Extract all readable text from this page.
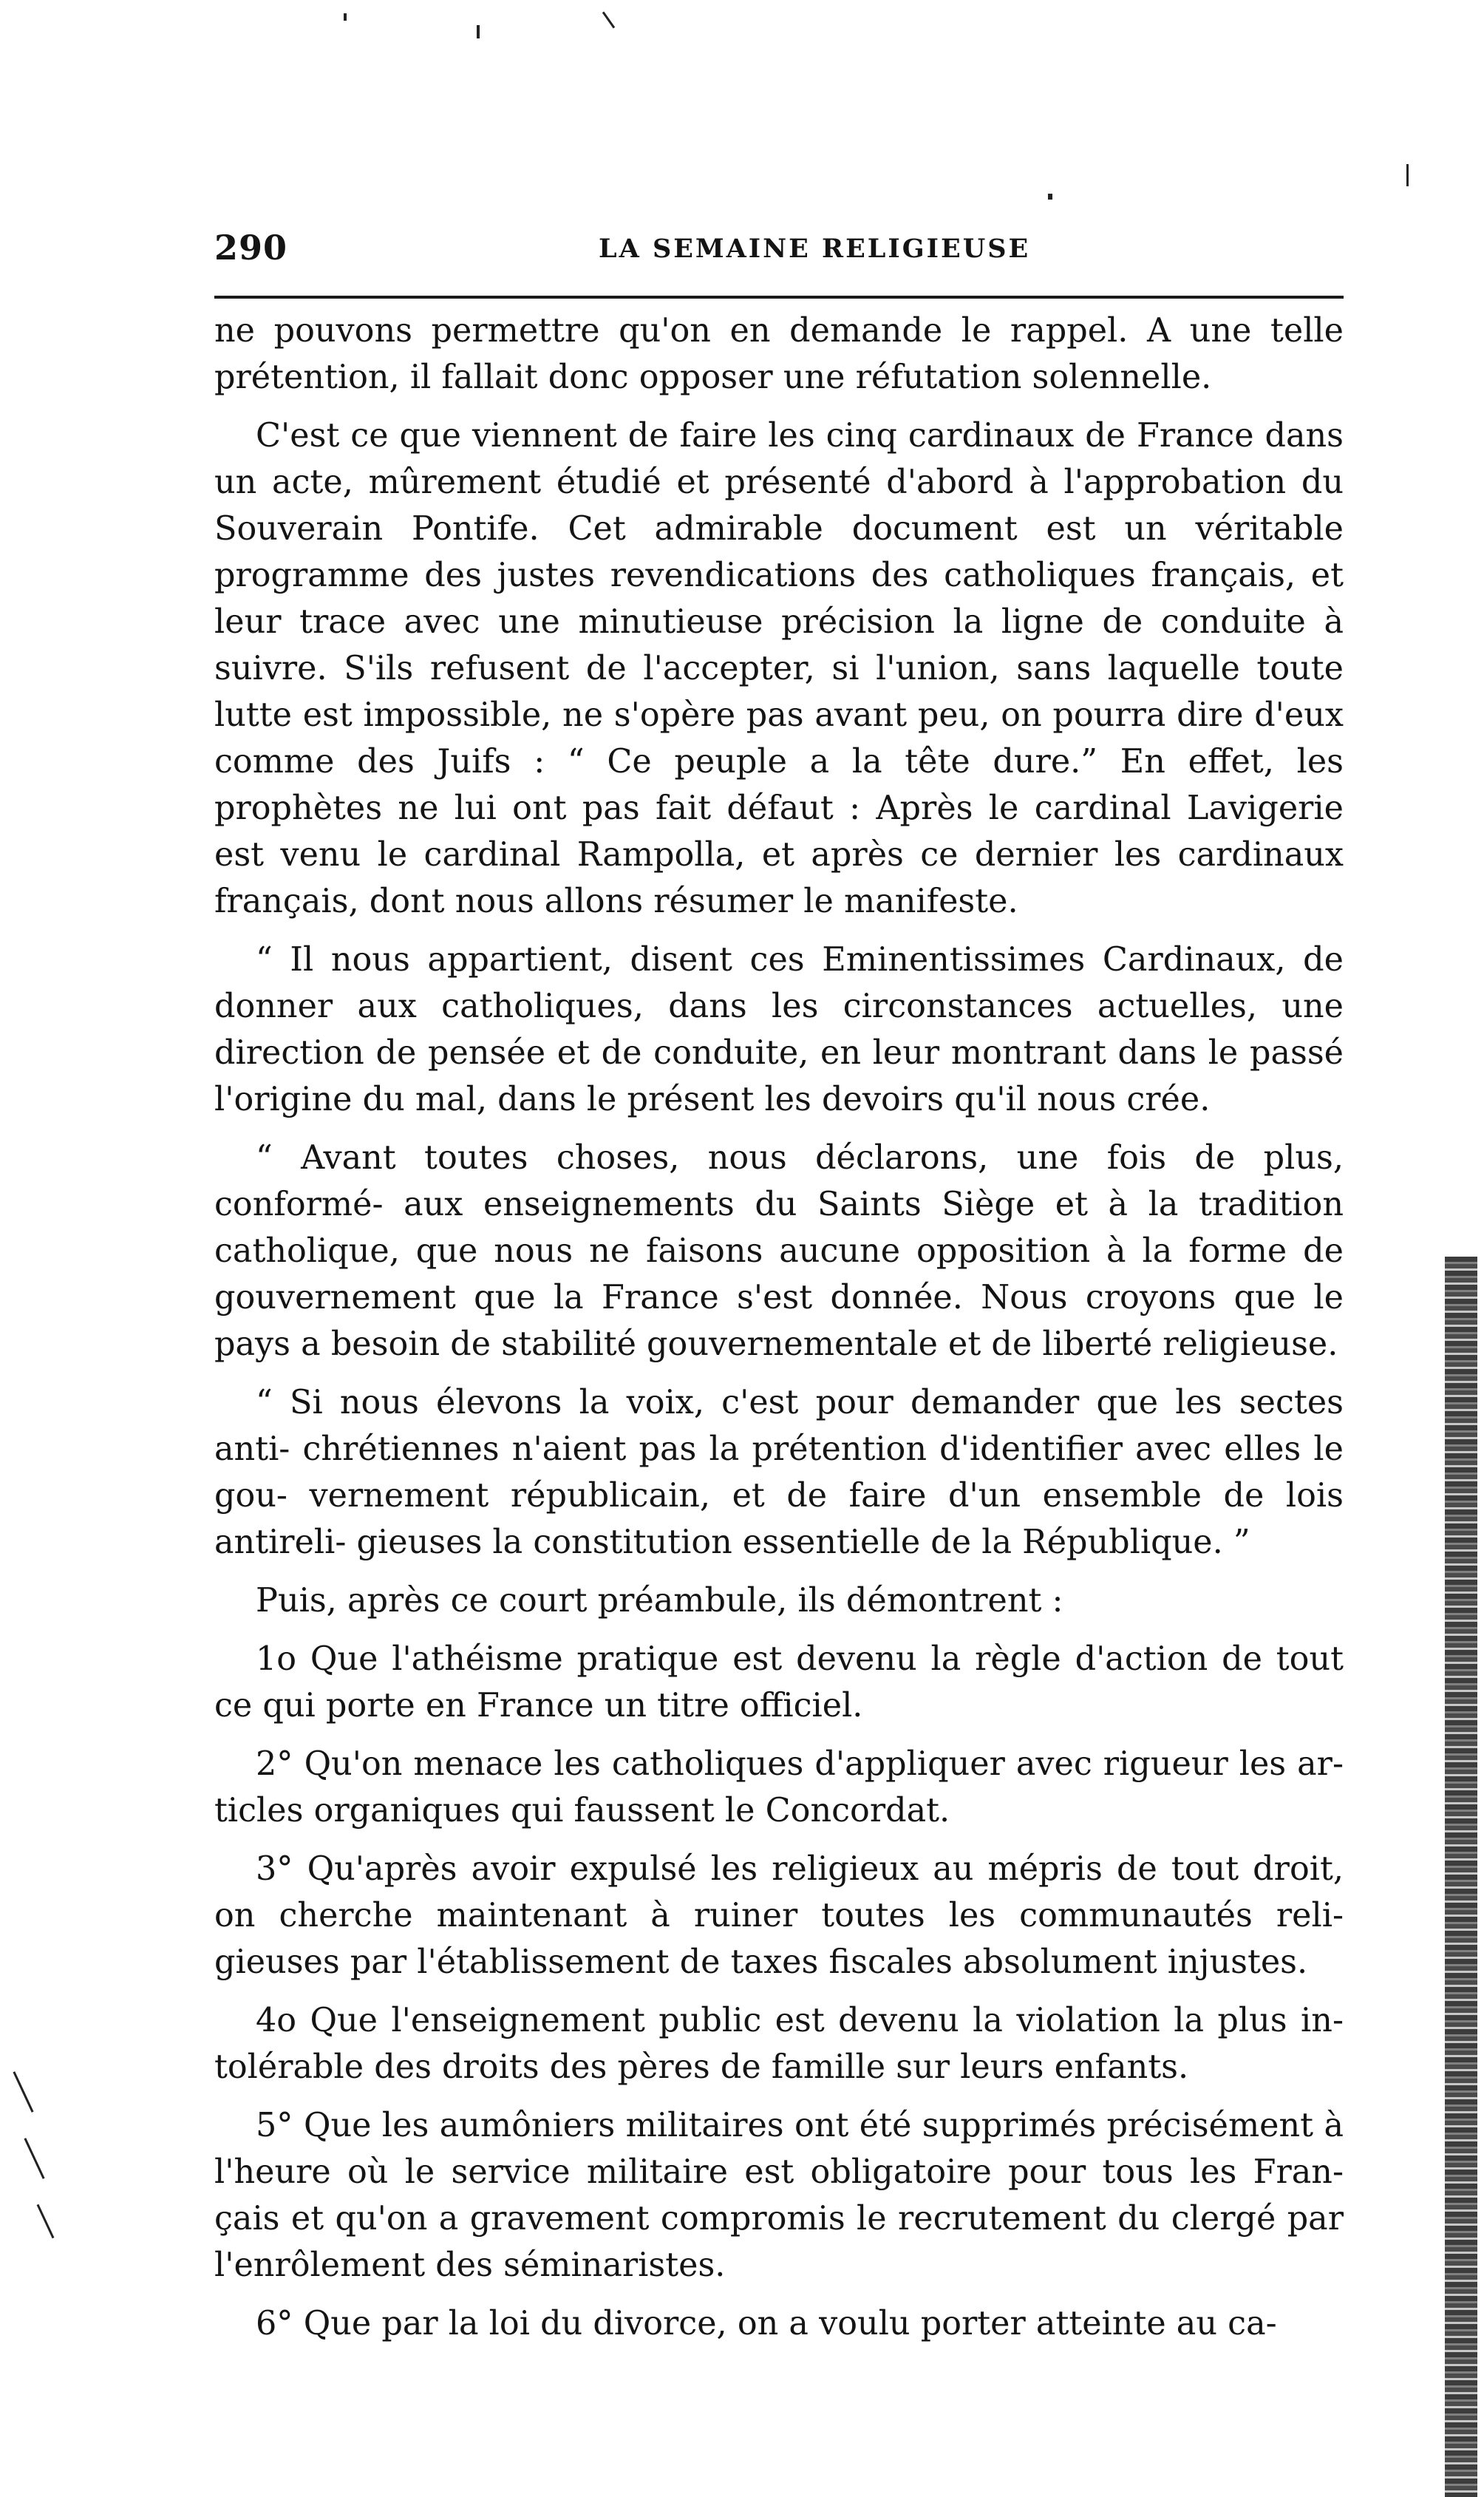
290	LA SEMAINE RELIGIEUSE

ne pouvons permettre qu'on en demande le rappel. A une telle prétention, il fallait donc opposer une réfutation solennelle.

C'est ce que viennent de faire les cinq cardinaux de France dans un acte, mûrement étudié et présenté d'abord à l'approbation du Souverain Pontife. Cet admirable document est un véritable programme des justes revendications des catholiques français, et leur trace avec une minutieuse précision la ligne de conduite à suivre. S'ils refusent de l'accepter, si l'union, sans laquelle toute lutte est impossible, ne s'opère pas avant peu, on pourra dire d'eux comme des Juifs : “ Ce peuple a la tête dure.” En effet, les prophètes ne lui ont pas fait défaut : Après le cardinal Lavigerie est venu le cardinal Rampolla, et après ce dernier les cardinaux français, dont nous allons résumer le manifeste.

“ Il nous appartient, disent ces Eminentissimes Cardinaux, de donner aux catholiques, dans les circonstances actuelles, une direction de pensée et de conduite, en leur montrant dans le passé l'origine du mal, dans le présent les devoirs qu'il nous crée.

“ Avant toutes choses, nous déclarons, une fois de plus, conformé- aux enseignements du Saints Siège et à la tradition catholique, que nous ne faisons aucune opposition à la forme de gouvernement que la France s'est donnée. Nous croyons que le pays a besoin de stabilité gouvernementale et de liberté religieuse.

“ Si nous élevons la voix, c'est pour demander que les sectes anti- chrétiennes n'aient pas la prétention d'identifier avec elles le gou- vernement républicain, et de faire d'un ensemble de lois antireli- gieuses la constitution essentielle de la République. ”

Puis, après ce court préambule, ils démontrent :

1o Que l'athéisme pratique est devenu la règle d'action de tout ce qui porte en France un titre officiel.

2° Qu'on menace les catholiques d'appliquer avec rigueur les ar- ticles organiques qui faussent le Concordat.

3° Qu'après avoir expulsé les religieux au mépris de tout droit, on cherche maintenant à ruiner toutes les communautés reli- gieuses par l'établissement de taxes fiscales absolument injustes.

4o Que l'enseignement public est devenu la violation la plus in- tolérable des droits des pères de famille sur leurs enfants.

5° Que les aumôniers militaires ont été supprimés précisément à l'heure où le service militaire est obligatoire pour tous les Fran- çais et qu'on a gravement compromis le recrutement du clergé par l'enrôlement des séminaristes.

6° Que par la loi du divorce, on a voulu porter atteinte au ca-
